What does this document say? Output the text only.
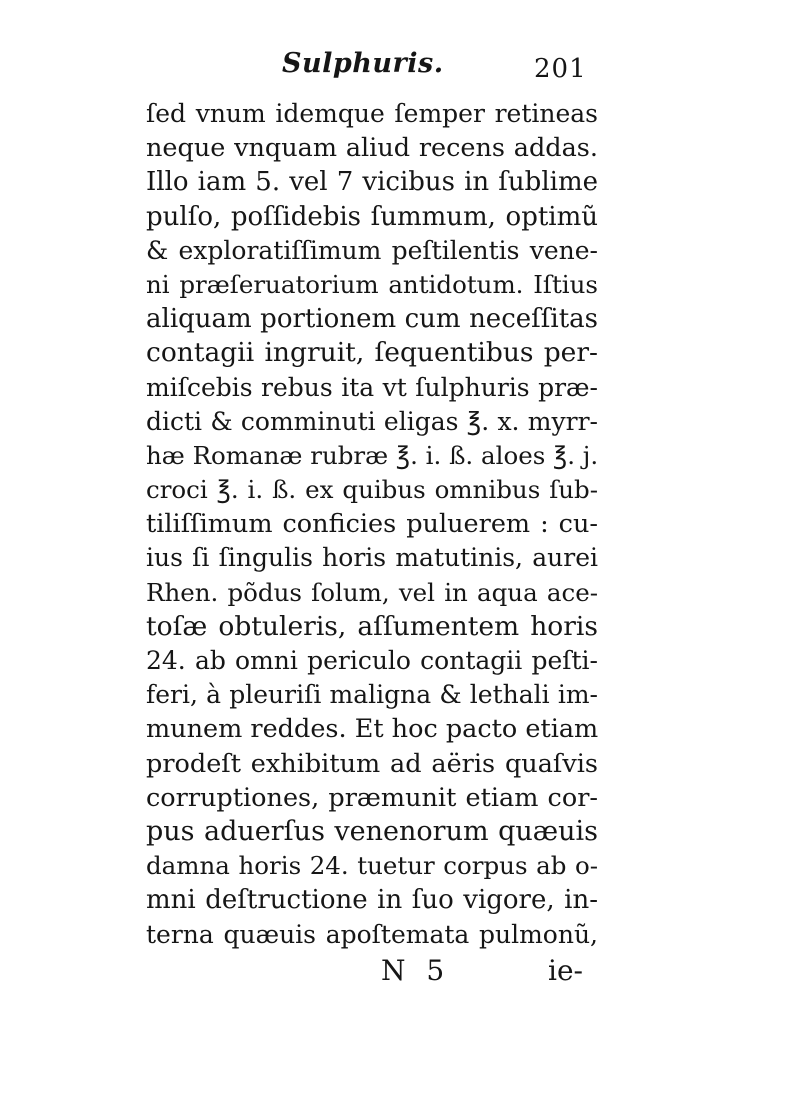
Sulphuris.	201
ſed vnum idemque ſemper retineas
neque vnquam aliud recens addas.
Illo iam 5. vel 7 vicibus in ſublime
pulſo, poſſidebis ſummum, optimũ
& exploratiſſimum peſtilentis vene-
ni præſeruatorium antidotum. Iſtius
aliquam portionem cum neceſſitas
contagii ingruit, ſequentibus per-
miſcebis rebus ita vt ſulphuris præ-
dicti & comminuti eligas ℥. x. myrr-
hæ Romanæ rubræ ℥. i. ß. aloes ℥. j.
croci ℥. i. ß. ex quibus omnibus ſub-
tiliſſimum conficies puluerem : cu-
ius ſi ſingulis horis matutinis, aurei
Rhen. põdus ſolum, vel in aqua ace-
toſæ obtuleris, aſſumentem horis
24. ab omni periculo contagii peſti-
feri, à pleuriſi maligna & lethali im-
munem reddes. Et hoc pacto etiam
prodeſt exhibitum ad aëris quaſvis
corruptiones, præmunit etiam cor-
pus aduerſus venenorum quæuis
damna horis 24. tuetur corpus ab o-
mni deſtructione in ſuo vigore, in-
terna quæuis apoſtemata pulmonũ,
N 5	ie-
